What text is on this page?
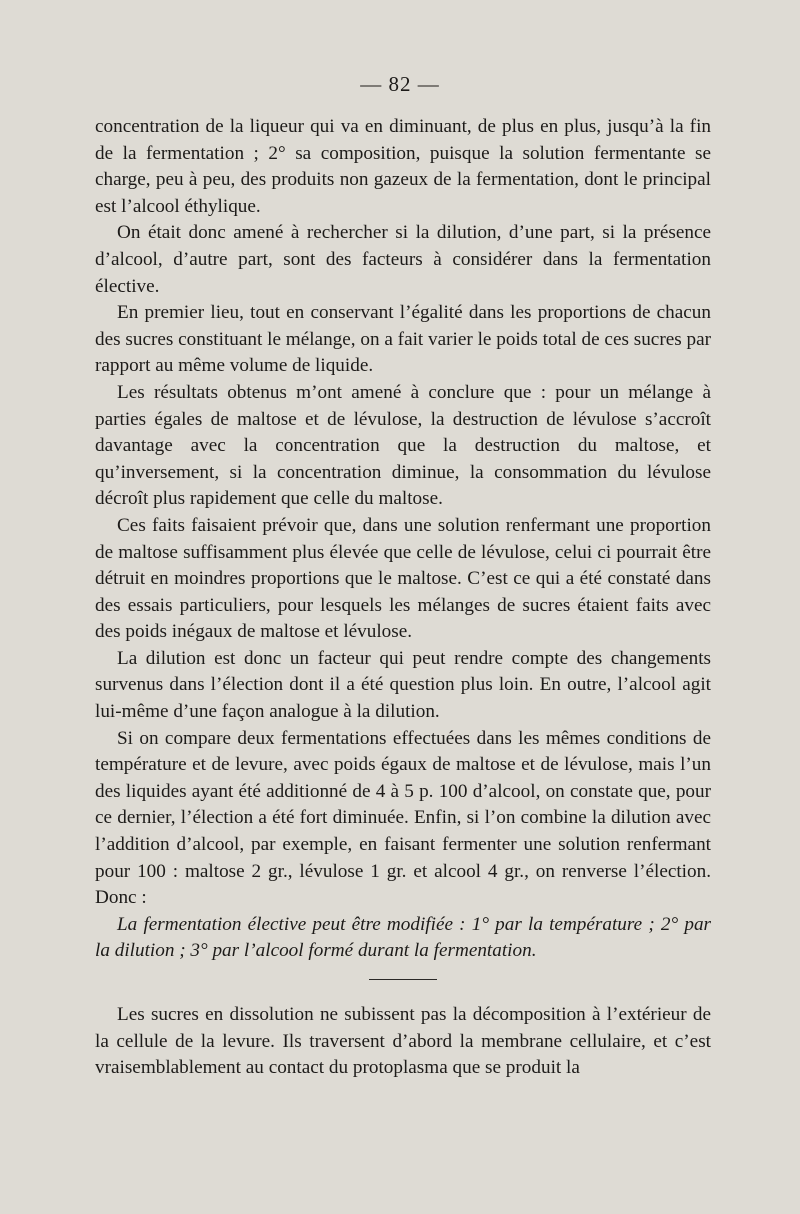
— 82 —

concentration de la liqueur qui va en diminuant, de plus en plus, jusqu’à la fin de la fermentation ; 2° sa composition, puisque la solution fermentante se charge, peu à peu, des produits non gazeux de la fermentation, dont le principal est l’alcool éthylique.

On était donc amené à rechercher si la dilution, d’une part, si la présence d’alcool, d’autre part, sont des facteurs à considérer dans la fermentation élective.

En premier lieu, tout en conservant l’égalité dans les proportions de chacun des sucres constituant le mélange, on a fait varier le poids total de ces sucres par rapport au même volume de liquide.

Les résultats obtenus m’ont amené à conclure que : pour un mélange à parties égales de maltose et de lévulose, la destruction de lévulose s’accroît davantage avec la concentration que la destruction du maltose, et qu’inversement, si la concentration diminue, la consommation du lévulose décroît plus rapidement que celle du maltose.

Ces faits faisaient prévoir que, dans une solution renfermant une proportion de maltose suffisamment plus élevée que celle de lévulose, celui ci pourrait être détruit en moindres proportions que le maltose. C’est ce qui a été constaté dans des essais particuliers, pour lesquels les mélanges de sucres étaient faits avec des poids inégaux de maltose et lévulose.

La dilution est donc un facteur qui peut rendre compte des changements survenus dans l’élection dont il a été question plus loin. En outre, l’alcool agit lui-même d’une façon analogue à la dilution.

Si on compare deux fermentations effectuées dans les mêmes conditions de température et de levure, avec poids égaux de maltose et de lévulose, mais l’un des liquides ayant été additionné de 4 à 5 p. 100 d’alcool, on constate que, pour ce dernier, l’élection a été fort diminuée. Enfin, si l’on combine la dilution avec l’addition d’alcool, par exemple, en faisant fermenter une solution renfermant pour 100 : maltose 2 gr., lévulose 1 gr. et alcool 4 gr., on renverse l’élection. Donc :

La fermentation élective peut être modifiée : 1° par la température ; 2° par la dilution ; 3° par l’alcool formé durant la fermentation.

Les sucres en dissolution ne subissent pas la décomposition à l’extérieur de la cellule de la levure. Ils traversent d’abord la membrane cellulaire, et c’est vraisemblablement au contact du protoplasma que se produit la
